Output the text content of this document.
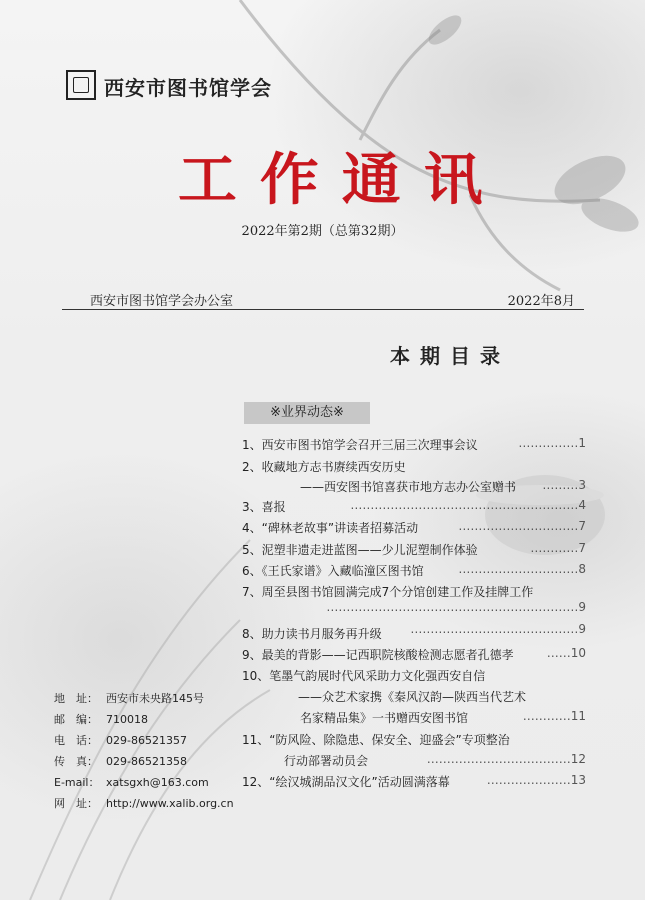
西安市图书馆学会
工作通讯
2022年第2期（总第32期）
西安市图书馆学会办公室	2022年8月
本期目录
※业界动态※
1、西安市图书馆学会召开三届三次理事会议	……………1
2、收藏地方志书赓续西安历史
——西安图书馆喜获市地方志办公室赠书 ………3
3、喜报	…………………………………………………4
4、“碑林老故事”讲读者招募活动	…………………………7
5、泥塑非遗走进蓝图——少儿泥塑制作体验	…………7
6、《王氏家谱》入藏临潼区图书馆	…………………………8
7、周至县图书馆圆满完成7个分馆创建工作及挂牌工作
………………………………………………………9
8、助力读书月服务再升级 ……………………………………9
9、最美的背影——记西职院核酸检测志愿者孔德孝	……10
10、笔墨气韵展时代风采助力文化强西安自信
——众艺术家携《秦风汉韵—陕西当代艺术
名家精品集》一书赠西安图书馆	…………11
11、“防风险、除隐患、保安全、迎盛会”专项整治
行动部署动员会	………………………………12
12、“绘汉城湖品汉文化”活动圆满落幕	…………………13
地　址： 西安市未央路145号
邮　编： 710018
电　话： 029-86521357
传　真： 029-86521358
E-mail： xatsgxh@163.com
网　址： http://www.xalib.org.cn
